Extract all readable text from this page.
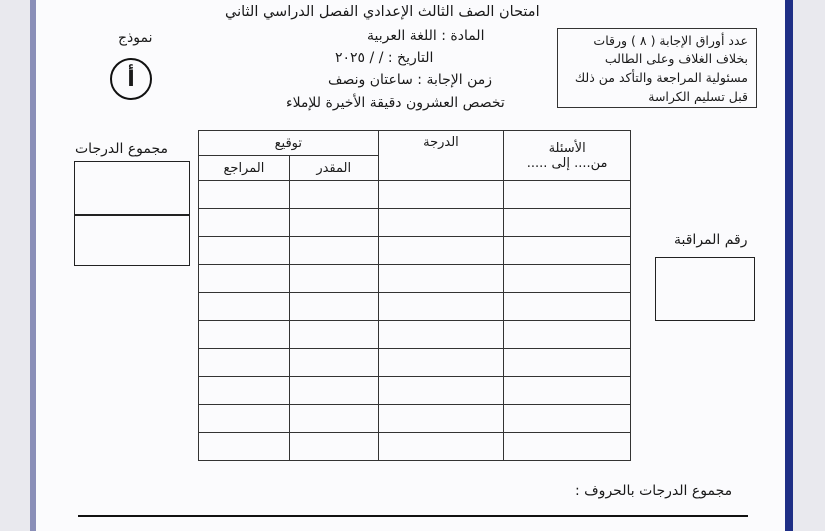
امتحان الصف الثالث الإعدادي الفصل الدراسي الثاني
المادة : اللغة العربية
التاريخ : / / ٢٠٢٥
زمن الإجابة : ساعتان ونصف
تخصص العشرون دقيقة الأخيرة للإملاء
عدد أوراق الإجابة ( ٨ ) ورقات
بخلاف الغلاف وعلى الطالب
مسئولية المراجعة والتأكد من ذلك
قبل تسليم الكراسة
نموذج
أ
مجموع الدرجات
رقم المراقبة
توقيع		الدرجة	الأسئلة
من.... إلى .....

المراجع	المقدر		

مجموع الدرجات بالحروف :
